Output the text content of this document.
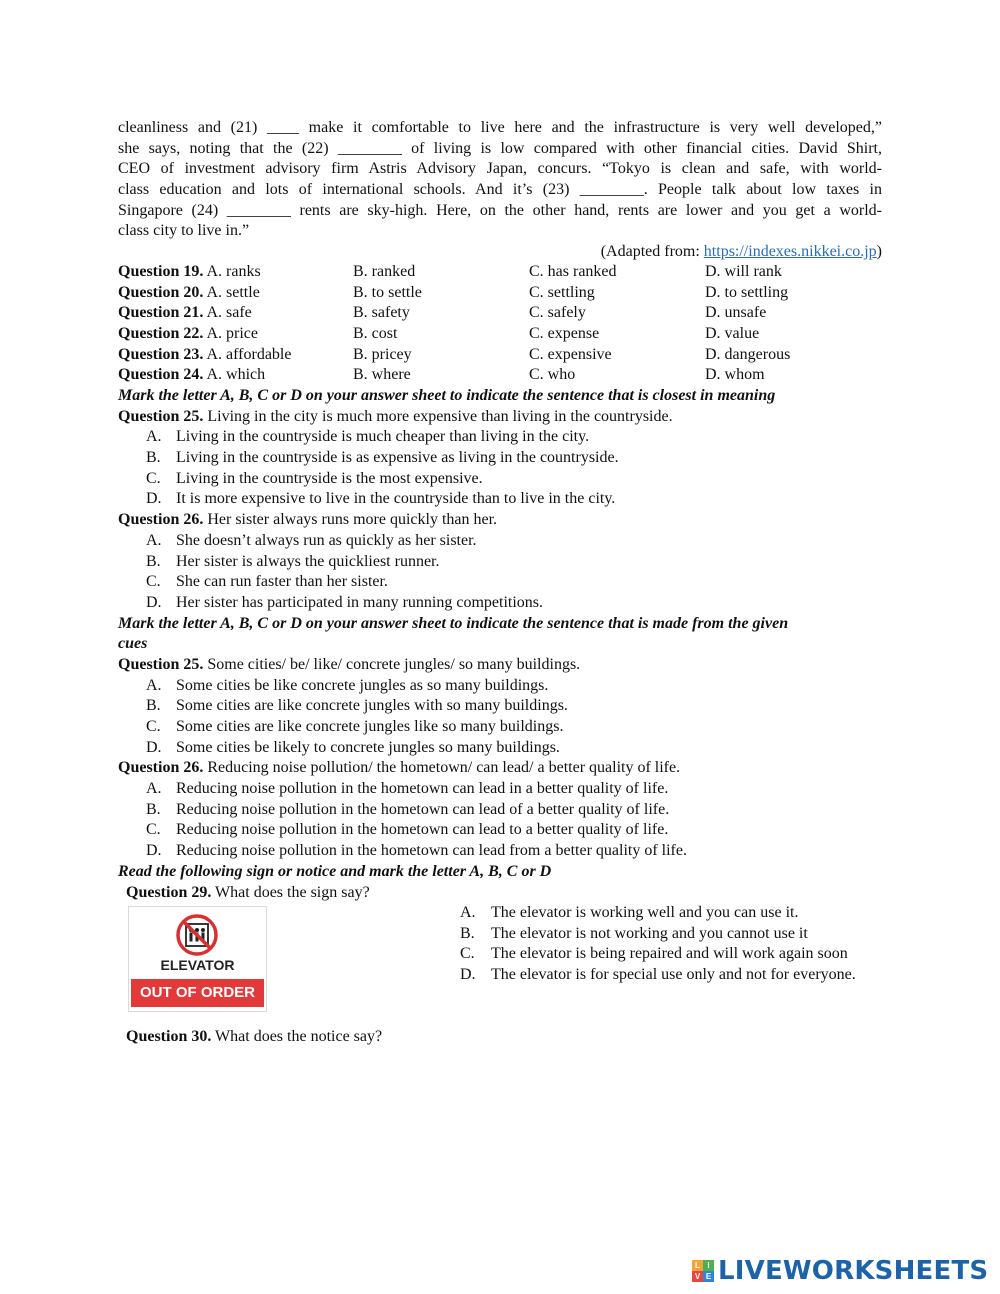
cleanliness and (21) ____ make it comfortable to live here and the infrastructure is very well developed,”
she says, noting that the (22) ________ of living is low compared with other financial cities. David Shirt,
CEO of investment advisory firm Astris Advisory Japan, concurs. “Tokyo is clean and safe, with world-
class education and lots of international schools. And it’s (23) ________. People talk about low taxes in
Singapore (24) ________ rents are sky-high. Here, on the other hand, rents are lower and you get a world-
class city to live in.”
(Adapted from: https://indexes.nikkei.co.jp)
Question 19. A. ranks	B. ranked	C. has ranked	D. will rank
Question 20. A. settle	B. to settle	C. settling	D. to settling
Question 21. A. safe	B. safety	C. safely	D. unsafe
Question 22. A. price	B. cost	C. expense	D. value
Question 23. A. affordable	B. pricey	C. expensive	D. dangerous
Question 24. A. which	B. where	C. who	D. whom
Mark the letter A, B, C or D on your answer sheet to indicate the sentence that is closest in meaning
Question 25. Living in the city is much more expensive than living in the countryside.
A. Living in the countryside is much cheaper than living in the city.
B. Living in the countryside is as expensive as living in the countryside.
C. Living in the countryside is the most expensive.
D. It is more expensive to live in the countryside than to live in the city.
Question 26. Her sister always runs more quickly than her.
A. She doesn’t always run as quickly as her sister.
B. Her sister is always the quickliest runner.
C. She can run faster than her sister.
D. Her sister has participated in many running competitions.
Mark the letter A, B, C or D on your answer sheet to indicate the sentence that is made from the given
cues
Question 25. Some cities/ be/ like/ concrete jungles/ so many buildings.
A. Some cities be like concrete jungles as so many buildings.
B. Some cities are like concrete jungles with so many buildings.
C. Some cities are like concrete jungles like so many buildings.
D. Some cities be likely to concrete jungles so many buildings.
Question 26. Reducing noise pollution/ the hometown/ can lead/ a better quality of life.
A. Reducing noise pollution in the hometown can lead in a better quality of life.
B. Reducing noise pollution in the hometown can lead of a better quality of life.
C. Reducing noise pollution in the hometown can lead to a better quality of life.
D. Reducing noise pollution in the hometown can lead from a better quality of life.
Read the following sign or notice and mark the letter A, B, C or D
Question 29. What does the sign say?
ELEVATOR
OUT OF ORDER
A. The elevator is working well and you can use it.
B. The elevator is not working and you cannot use it
C. The elevator is being repaired and will work again soon
D. The elevator is for special use only and not for everyone.
Question 30. What does the notice say?
L I
V E LIVEWORKSHEETS
